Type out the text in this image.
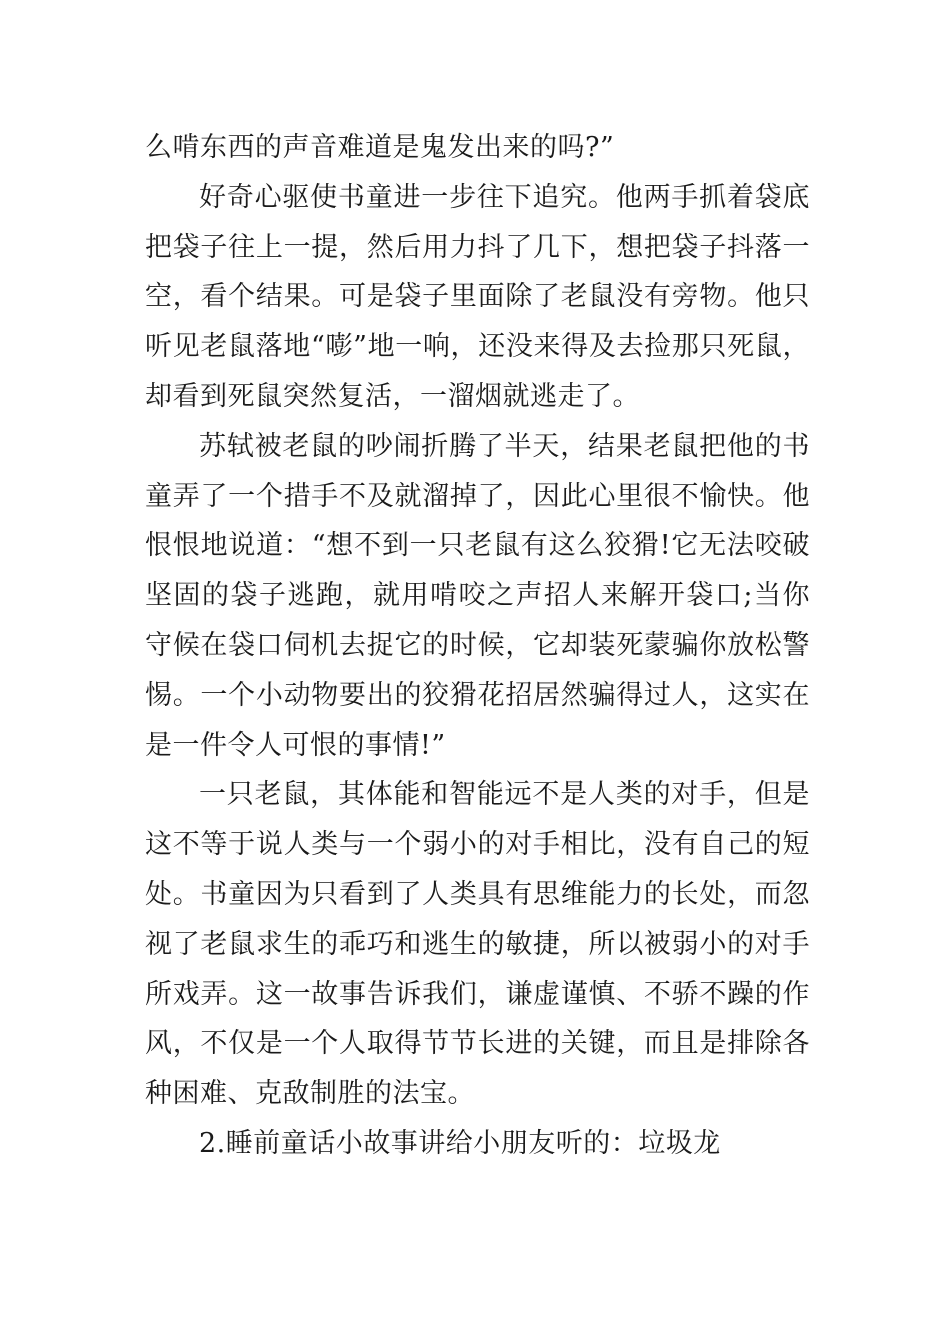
么啃东西的声音难道是鬼发出来的吗?”

好奇心驱使书童进一步往下追究。他两手抓着袋底把袋子往上一提，然后用力抖了几下，想把袋子抖落一空，看个结果。可是袋子里面除了老鼠没有旁物。他只听见老鼠落地“嘭”地一响，还没来得及去捡那只死鼠，却看到死鼠突然复活，一溜烟就逃走了。

苏轼被老鼠的吵闹折腾了半天，结果老鼠把他的书童弄了一个措手不及就溜掉了，因此心里很不愉快。他恨恨地说道：“想不到一只老鼠有这么狡猾!它无法咬破坚固的袋子逃跑，就用啃咬之声招人来解开袋口;当你守候在袋口伺机去捉它的时候，它却装死蒙骗你放松警惕。一个小动物要出的狡猾花招居然骗得过人，这实在是一件令人可恨的事情!”

一只老鼠，其体能和智能远不是人类的对手，但是这不等于说人类与一个弱小的对手相比，没有自己的短处。书童因为只看到了人类具有思维能力的长处，而忽视了老鼠求生的乖巧和逃生的敏捷，所以被弱小的对手所戏弄。这一故事告诉我们，谦虚谨慎、不骄不躁的作风，不仅是一个人取得节节长进的关键，而且是排除各种困难、克敌制胜的法宝。

2.睡前童话小故事讲给小朋友听的：垃圾龙
